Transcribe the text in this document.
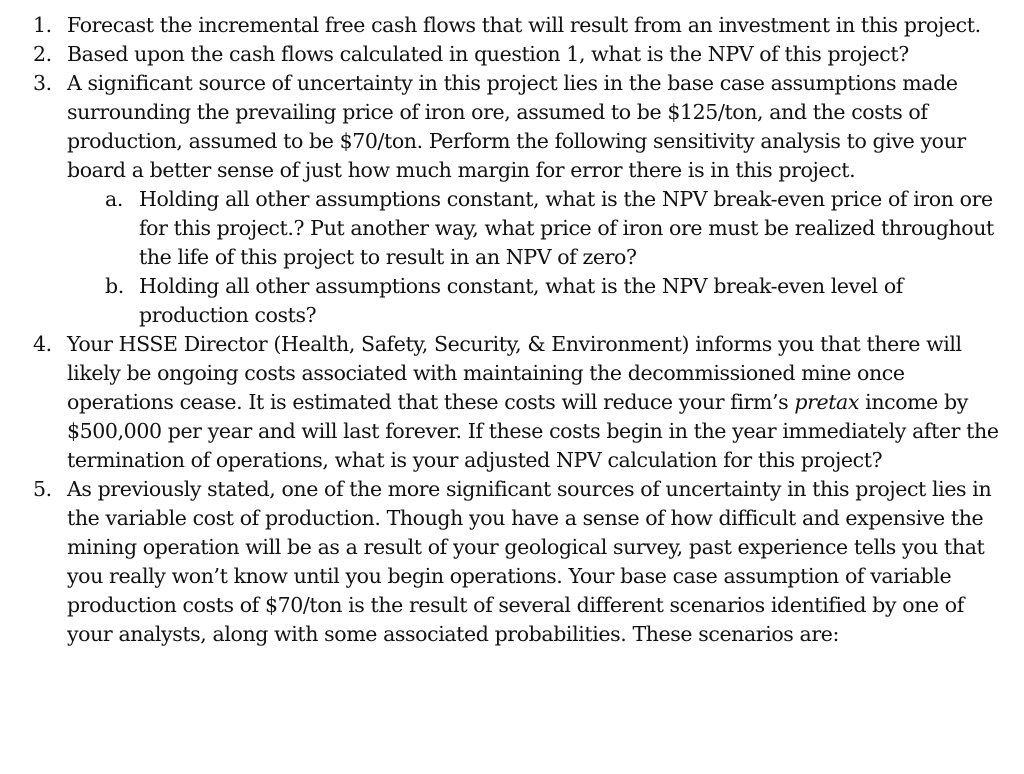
1. Forecast the incremental free cash flows that will result from an investment in this project.
2. Based upon the cash flows calculated in question 1, what is the NPV of this project?
3. A significant source of uncertainty in this project lies in the base case assumptions made surrounding the prevailing price of iron ore, assumed to be $125/ton, and the costs of production, assumed to be $70/ton. Perform the following sensitivity analysis to give your board a better sense of just how much margin for error there is in this project.
a. Holding all other assumptions constant, what is the NPV break-even price of iron ore for this project.? Put another way, what price of iron ore must be realized throughout the life of this project to result in an NPV of zero?
b. Holding all other assumptions constant, what is the NPV break-even level of production costs?
4. Your HSSE Director (Health, Safety, Security, & Environment) informs you that there will likely be ongoing costs associated with maintaining the decommissioned mine once operations cease. It is estimated that these costs will reduce your firm’s pretax income by $500,000 per year and will last forever. If these costs begin in the year immediately after the termination of operations, what is your adjusted NPV calculation for this project?
5. As previously stated, one of the more significant sources of uncertainty in this project lies in the variable cost of production. Though you have a sense of how difficult and expensive the mining operation will be as a result of your geological survey, past experience tells you that you really won’t know until you begin operations. Your base case assumption of variable production costs of $70/ton is the result of several different scenarios identified by one of your analysts, along with some associated probabilities. These scenarios are:
